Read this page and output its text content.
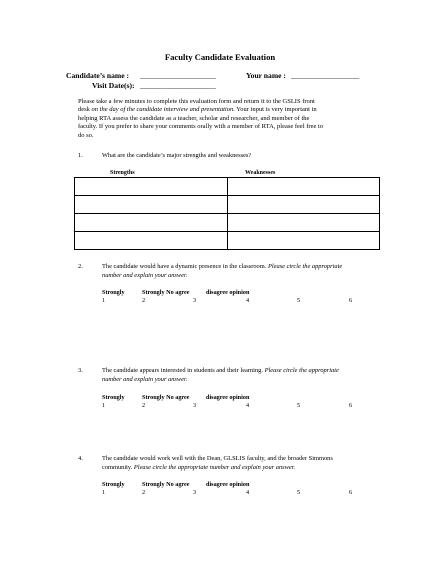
Faculty Candidate Evaluation
Candidate’s name : ____________________	Your name : __________________
Visit Date(s): ____________________
Please take a few minutes to complete this evaluation form and return it to the GSLIS front
desk on the day of the candidate interview and presentation. Your input is very important in
helping RTA assess the candidate as a teacher, scholar and researcher, and member of the
faculty. If you prefer to share your comments orally with a member of RTA, please feel free to
do so.
1.	What are the candidate’s major strengths and weaknesses?
Strengths	Weaknesses

2.	The candidate would have a dynamic presence in the classroom. Please circle the appropriate
number and explain your answer.
Strongly	Strongly No agree	disagree opinion
1	2	3	4	5	6
3.	The candidate appears interested in students and their learning. Please circle the appropriate
number and explain your answer.
Strongly	Strongly No agree	disagree opinion
1	2	3	4	5	6
4.	The candidate would work well with the Dean, GLSLIS faculty, and the broader Simmons
community. Please circle the appropriate number and explain your answer.
Strongly	Strongly No agree	disagree opinion
1	2	3	4	5	6
